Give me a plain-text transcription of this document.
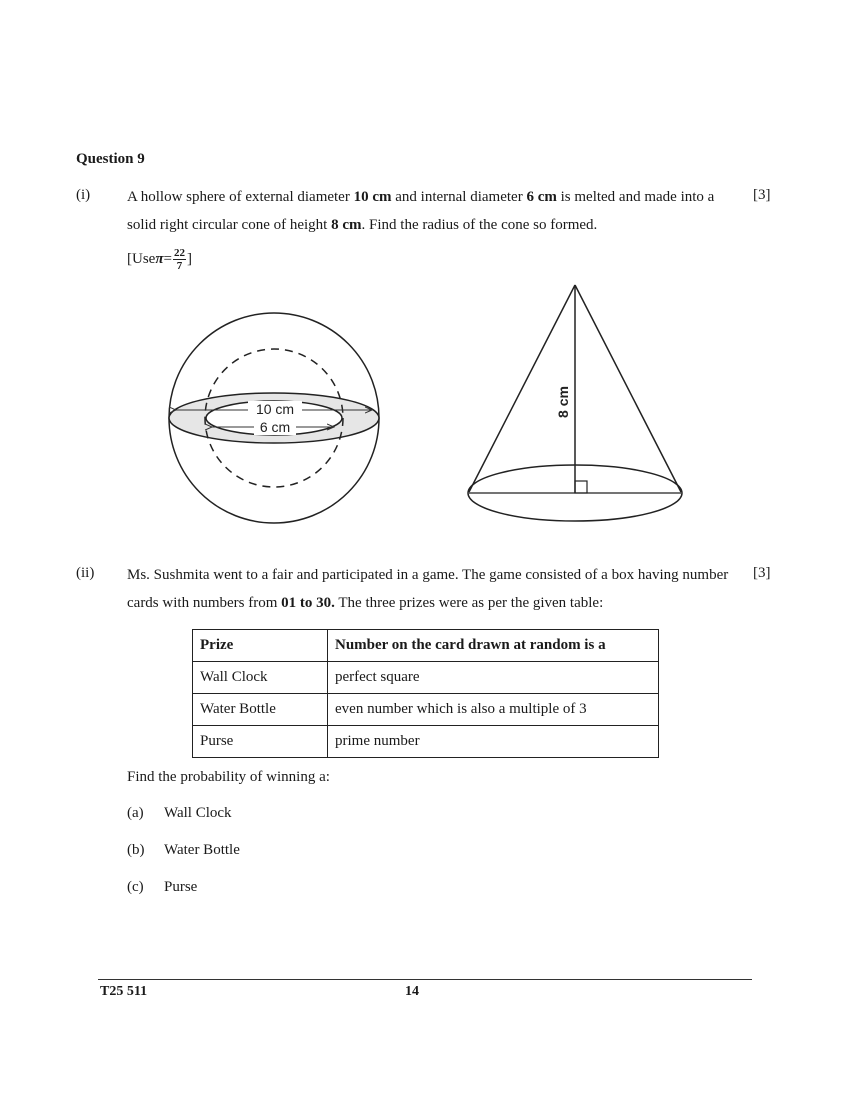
Question 9
(i)	[3]
A hollow sphere of external diameter 10 cm and internal diameter 6 cm is melted and made into a solid right circular cone of height 8 cm. Find the radius of the cone so formed.
[Use $\pi = \frac{22}{7}$ ]
10 cm
6 cm
8 cm
(ii)	[3]
Ms. Sushmita went to a fair and participated in a game. The game consisted of a box having number cards with numbers from 01 to 30. The three prizes were as per the given table:
Prize	Number on the card drawn at random is a
Wall Clock	perfect square
Water Bottle	even number which is also a multiple of 3
Purse	prime number
Find the probability of winning a:
(a) Wall Clock
(b) Water Bottle
(c) Purse
T25 511	14
